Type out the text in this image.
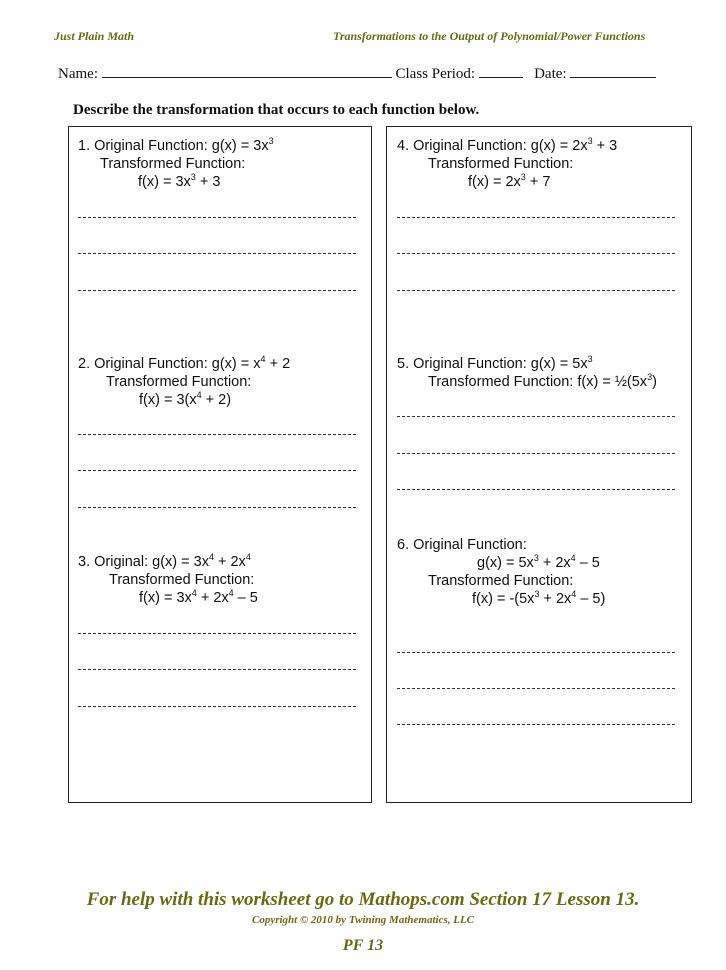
Just Plain Math	Transformations to the Output of Polynomial/Power Functions
Name:	Class Period:	Date:
Describe the transformation that occurs to each function below.
1. Original Function: $g(x) = 3x^3$
Transformed Function:
$f(x) = 3x^3 + 3$
2. Original Function: $g(x) = x^4 + 2$
Transformed Function:
$f(x) = 3(x^4 + 2)$
3. Original: $g(x) = 3x^4 + 2x^4$
Transformed Function:
$f(x) = 3x^4 + 2x^4 - 5$
4. Original Function: $g(x) = 2x^3 + 3$
Transformed Function:
$f(x) = 2x^3 + 7$
5. Original Function: $g(x) = 5x^3$
Transformed Function: $f(x) = \frac{1}{2}(5x^3)$
6. Original Function:
$g(x) = 5x^3 + 2x^4 - 5$
Transformed Function:
$f(x) = -(5x^3 + 2x^4 - 5)$
For help with this worksheet go to Mathops.com Section 17 Lesson 13.
Copyright © 2010 by Twining Mathematics, LLC
PF 13
